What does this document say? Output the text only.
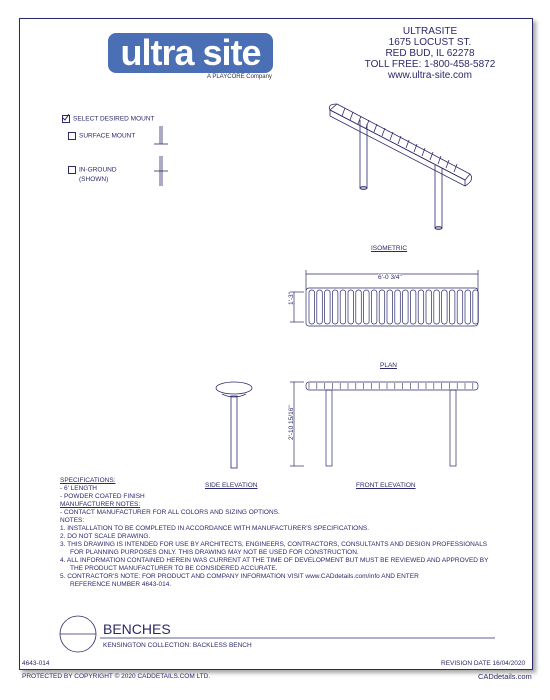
ultra site
A PLAYCORE Company
ULTRASITE
1675 LOCUST ST.
RED BUD, IL 62278
TOLL FREE: 1-800-458-5872
www.ultra-site.com
SELECT DESIRED MOUNT
SURFACE MOUNT
IN-GROUND
(SHOWN)
ISOMETRIC
6'-0 3/4"
1'-3"
PLAN
SIDE ELEVATION
2'-10 15/16"
FRONT ELEVATION
SPECIFICATIONS:
- 6' LENGTH
- POWDER COATED FINISH
MANUFACTURER NOTES:
- CONTACT MANUFACTURER FOR ALL COLORS AND SIZING OPTIONS.
NOTES:
1. INSTALLATION TO BE COMPLETED IN ACCORDANCE WITH MANUFACTURER'S SPECIFICATIONS.
2. DO NOT SCALE DRAWING.
3. THIS DRAWING IS INTENDED FOR USE BY ARCHITECTS, ENGINEERS, CONTRACTORS, CONSULTANTS AND DESIGN PROFESSIONALS
FOR PLANNING PURPOSES ONLY. THIS DRAWING MAY NOT BE USED FOR CONSTRUCTION.
4. ALL INFORMATION CONTAINED HEREIN WAS CURRENT AT THE TIME OF DEVELOPMENT BUT MUST BE REVIEWED AND APPROVED BY
THE PRODUCT MANUFACTURER TO BE CONSIDERED ACCURATE.
5. CONTRACTOR'S NOTE: FOR PRODUCT AND COMPANY INFORMATION VISIT www.CADdetails.com/info AND ENTER
REFERENCE NUMBER 4643-014.
BENCHES
KENSINGTON COLLECTION: BACKLESS BENCH
4643-014	REVISION DATE 16/04/2020
PROTECTED BY COPYRIGHT © 2020 CADDETAILS.COM LTD.	CADdetails.com
